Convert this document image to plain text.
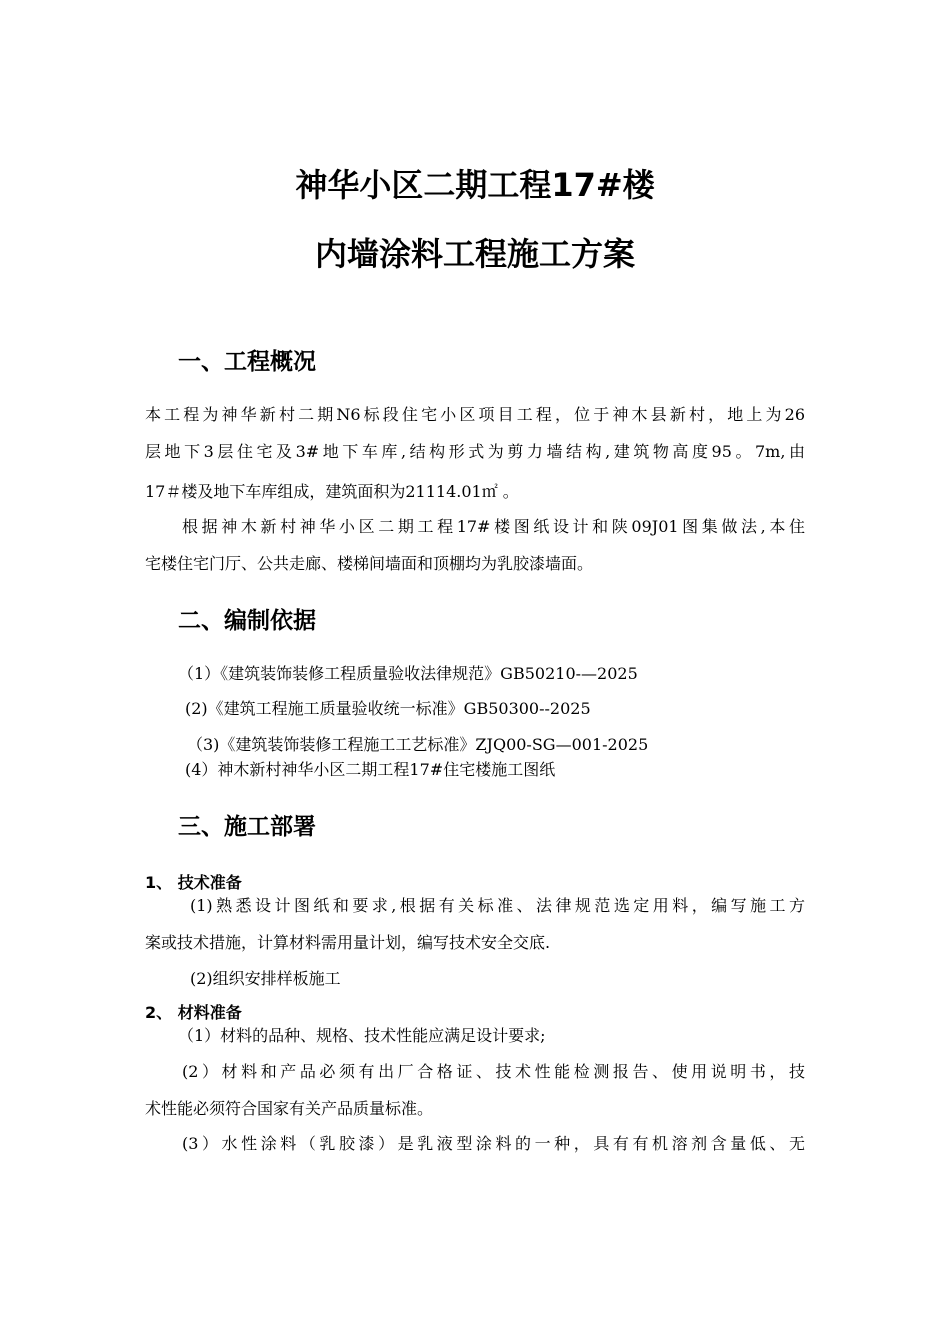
神华小区二期工程17#楼
内墙涂料工程施工方案
一、工程概况
本工程为神华新村二期N6标段住宅小区项目工程，位于神木县新村，地上为26
层地下3层住宅及3#地下车库,结构形式为剪力墙结构,建筑物高度95。7m,由
17＃楼及地下车库组成，建筑面积为21114.01㎡ 。
根据神木新村神华小区二期工程17#楼图纸设计和陕09J01图集做法,本住
宅楼住宅门厅、公共走廊、楼梯间墙面和顶棚均为乳胶漆墙面。
二、编制依据
（1）《建筑装饰装修工程质量验收法律规范》GB50210-—2025
(2)《建筑工程施工质量验收统一标准》GB50300--2025
（3)《建筑装饰装修工程施工工艺标准》ZJQ00-SG—001-2025
(4）神木新村神华小区二期工程17#住宅楼施工图纸
三、施工部署
1、 技术准备
(1)熟悉设计图纸和要求,根据有关标准、法律规范选定用料，编写施工方
案或技术措施，计算材料需用量计划，编写技术安全交底.
(2)组织安排样板施工
2、 材料准备
（1）材料的品种、规格、技术性能应满足设计要求;
(2）材料和产品必须有出厂合格证、技术性能检测报告、使用说明书，技
术性能必须符合国家有关产品质量标准。
(3）水性涂料（乳胶漆）是乳液型涂料的一种，具有有机溶剂含量低、无
